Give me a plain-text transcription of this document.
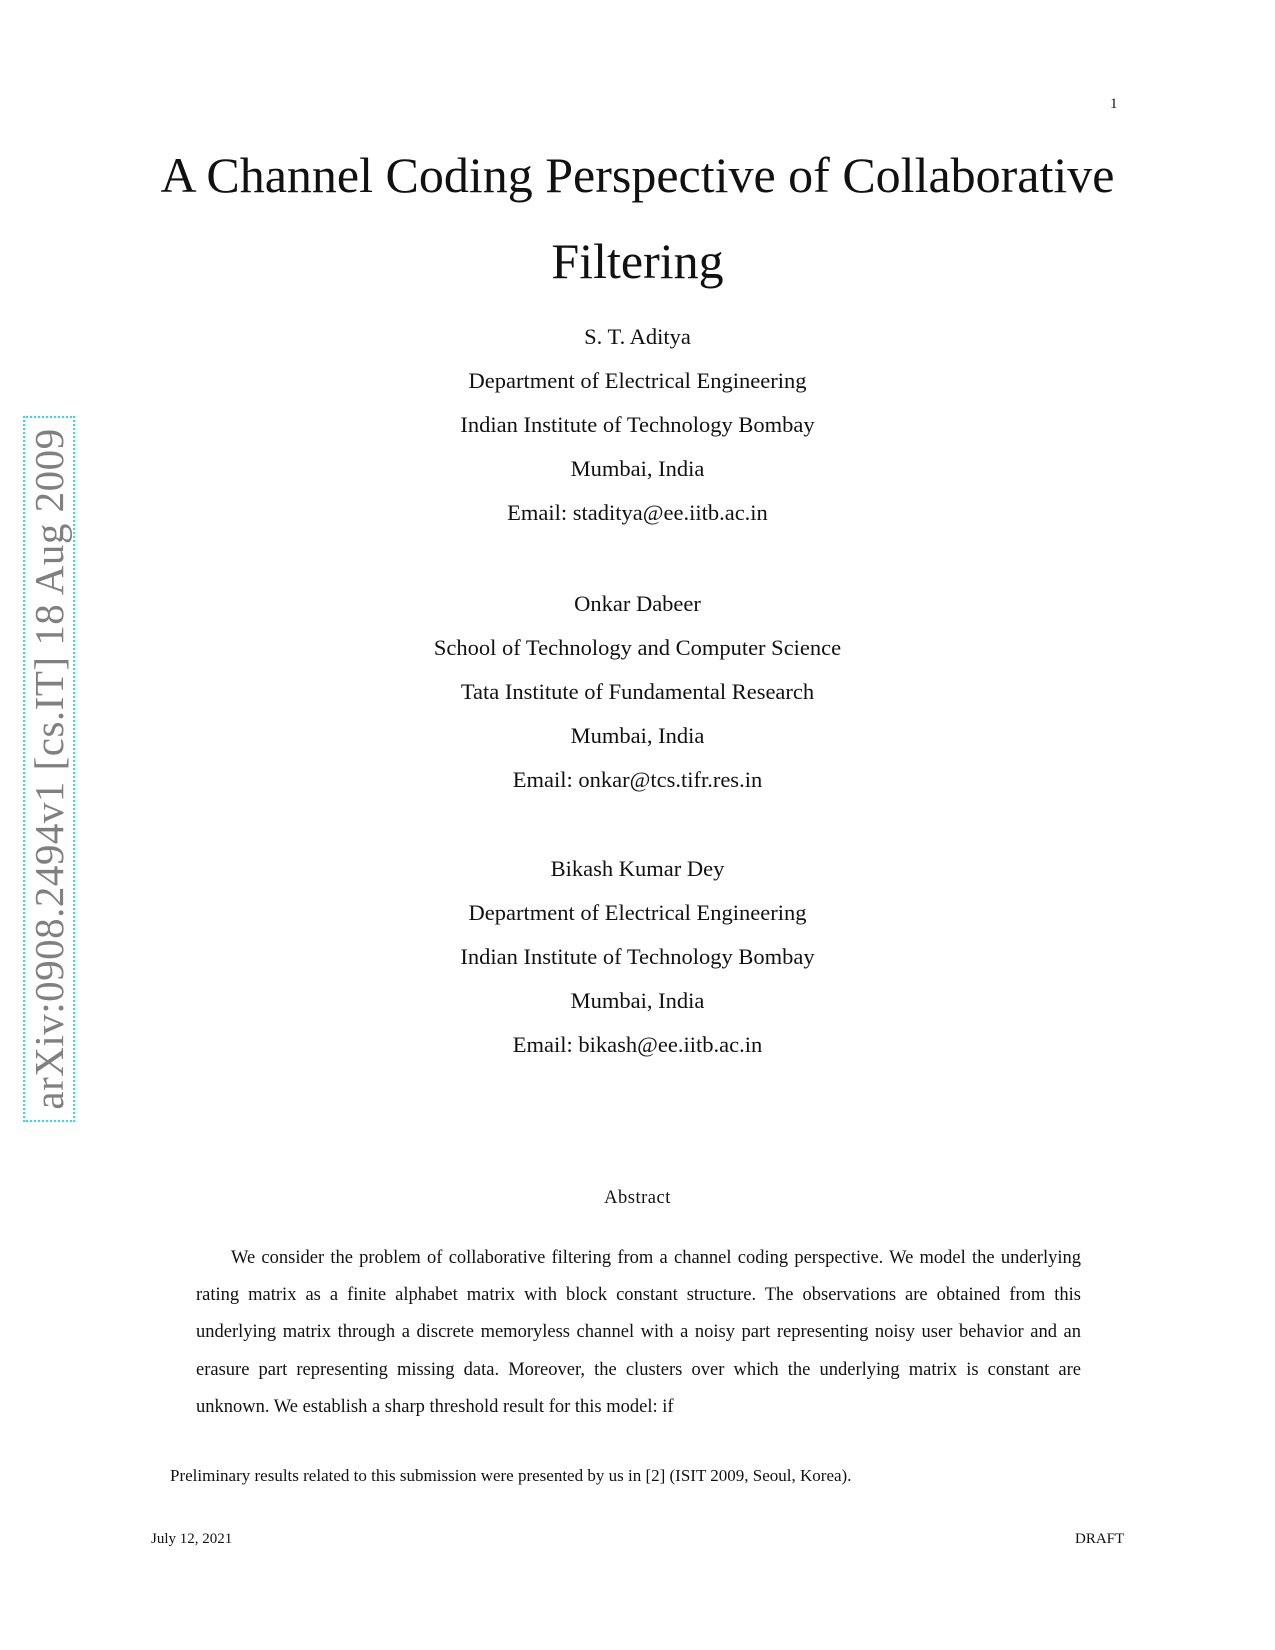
1
A Channel Coding Perspective of Collaborative
Filtering
S. T. Aditya
Department of Electrical Engineering
Indian Institute of Technology Bombay
Mumbai, India
Email: staditya@ee.iitb.ac.in
Onkar Dabeer
School of Technology and Computer Science
Tata Institute of Fundamental Research
Mumbai, India
Email: onkar@tcs.tifr.res.in
Bikash Kumar Dey
Department of Electrical Engineering
Indian Institute of Technology Bombay
Mumbai, India
Email: bikash@ee.iitb.ac.in
arXiv:0908.2494v1 [cs.IT] 18 Aug 2009
Abstract
We consider the problem of collaborative filtering from a channel coding perspective. We model the underlying rating matrix as a finite alphabet matrix with block constant structure. The observations are obtained from this underlying matrix through a discrete memoryless channel with a noisy part representing noisy user behavior and an erasure part representing missing data. Moreover, the clusters over which the underlying matrix is constant are unknown. We establish a sharp threshold result for this model: if
Preliminary results related to this submission were presented by us in [2] (ISIT 2009, Seoul, Korea).
July 12, 2021	DRAFT
